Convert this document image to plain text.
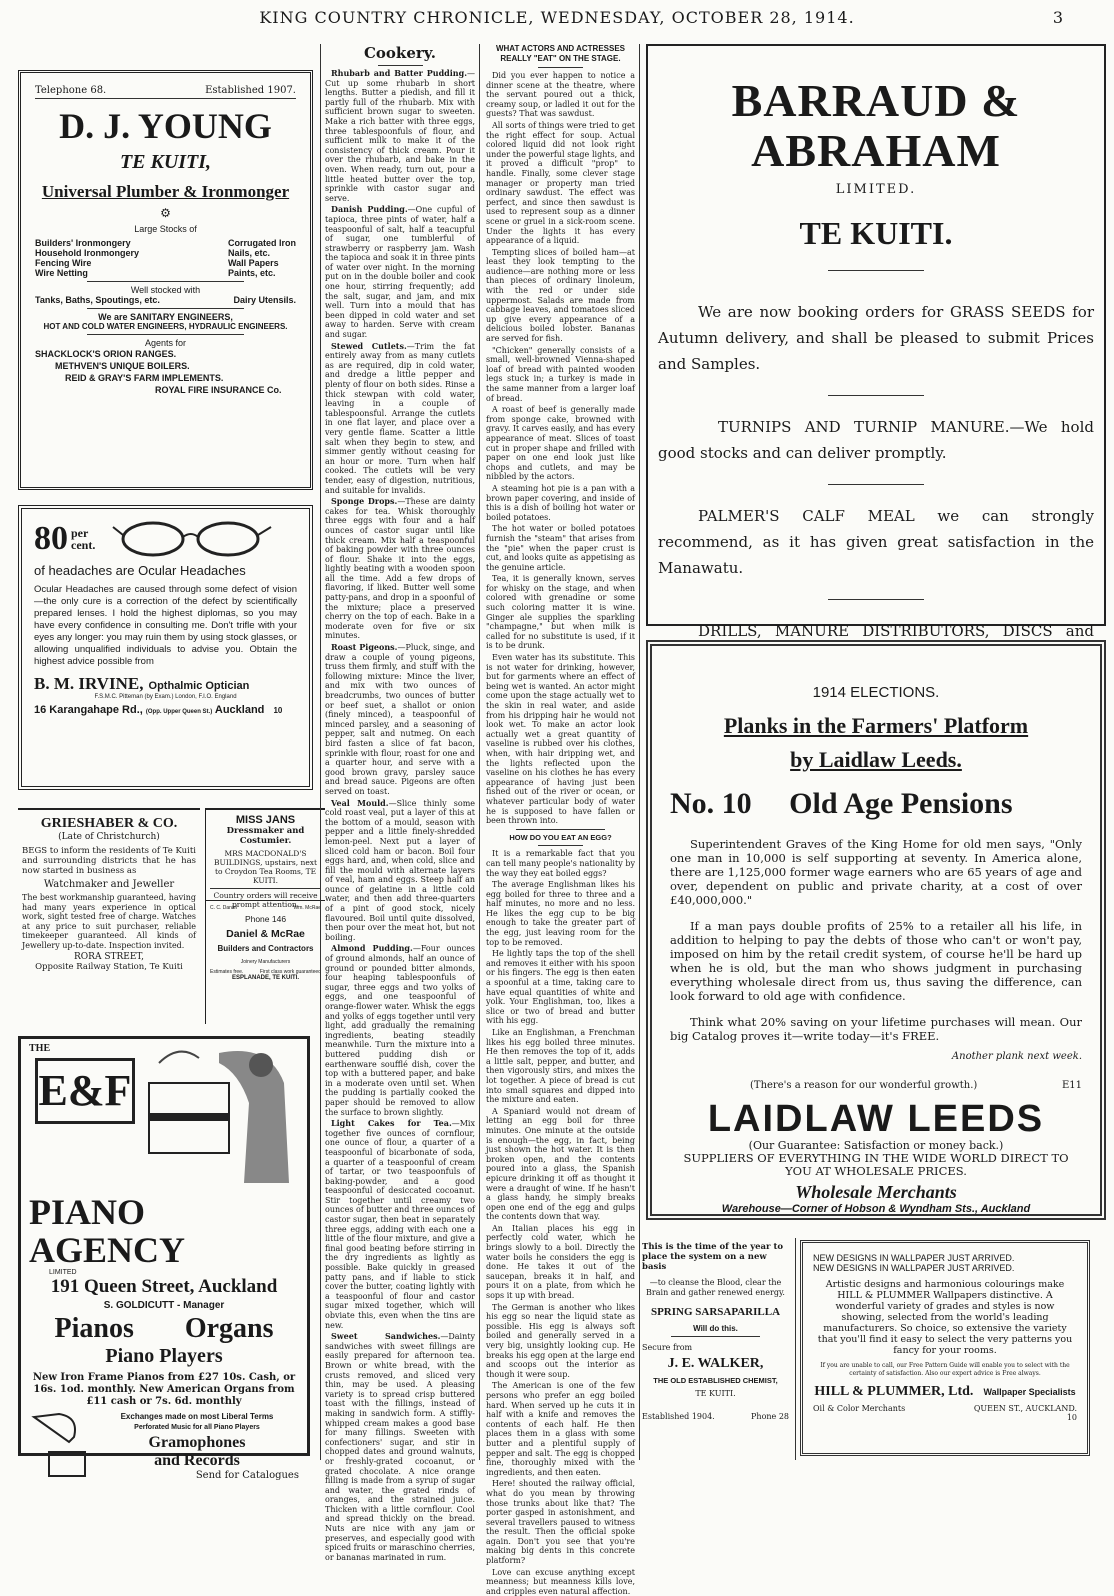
KING COUNTRY CHRONICLE, WEDNESDAY, OCTOBER 28, 1914.	3
Telephone 68.	Established 1907.
D. J. YOUNG
TE KUITI,
Universal Plumber & Ironmonger
⚙
Large Stocks of
Builders' Ironmongery
Household Ironmongery
Fencing Wire
Wire Netting
Corrugated Iron
Nails, etc.
Wall Papers
Paints, etc.
Well stocked with
Tanks, Baths, Spoutings, etc.	Dairy Utensils.
We are SANITARY ENGINEERS,
HOT AND COLD WATER ENGINEERS, HYDRAULIC ENGINEERS.
Agents for
SHACKLOCK'S ORION RANGES.
METHVEN'S UNIQUE BOILERS.
REID & GRAY'S FARM IMPLEMENTS.
ROYAL FIRE INSURANCE Co.
80 per
cent.
of headaches are Ocular Headaches
Ocular Headaches are caused through some defect of vision—the only cure is a correction of the defect by scientifically prepared lenses. I hold the highest diplomas, so you may have every confidence in consulting me. Don't trifle with your eyes any longer: you may ruin them by using stock glasses, or allowing unqualified individuals to advise you. Obtain the highest advice possible from
B. M. IRVINE, Opthalmic Optician
F.S.M.C. Pitteman (by Exam.) London, F.I.O. England
16 Karangahape Rd., (Opp. Upper Queen St.) Auckland 10
GRIESHABER & CO.
(Late of Christchurch)
BEGS to inform the residents of Te Kuiti and surrounding districts that he has now started in business as
Watchmaker and Jeweller
The best workmanship guaranteed, having had many years experience in optical work, sight tested free of charge. Watches at any price to suit purchaser, reliable timekeeper guaranteed. All kinds of Jewellery up-to-date. Inspection invited.
RORA STREET,
Opposite Railway Station, Te Kuiti
MISS JANS
Dressmaker and Costumier.
MRS MACDONALD'S BUILDINGS, upstairs, next to Croydon Tea Rooms, TE KUITI.
Country orders will receive prompt attention.
C. C. Daniel	Wm. McRae
Phone 146
Daniel & McRae
Builders and Contractors
Joinery Manufacturers
Estimates free.	First class work guaranteed
ESPLANADE, TE KUITI.
THE
E&F
PIANO
AGENCY
LIMITED
191 Queen Street, Auckland
S. GOLDICUTT - Manager
Pianos Organs
Piano Players
New Iron Frame Pianos from £27 10s. Cash, or 16s. 1od. monthly. New American Organs from £11 cash or 7s. 6d. monthly
Exchanges made on most Liberal Terms
Perforated Music for all Piano Players
Gramophones
and Records
Send for Catalogues
Cookery.

Rhubarb and Batter Pudding.—Cut up some rhubarb in short lengths. Butter a piedish, and fill it partly full of the rhubarb. Mix with sufficient brown sugar to sweeten. Make a rich batter with three eggs, three tablespoonfuls of flour, and sufficient milk to make it of the consistency of thick cream. Pour it over the rhubarb, and bake in the oven. When ready, turn out, pour a little heated butter over the top, sprinkle with castor sugar and serve.

Danish Pudding.—One cupful of tapioca, three pints of water, half a teaspoonful of salt, half a teacupful of sugar, one tumblerful of strawberry or raspberry jam. Wash the tapioca and soak it in three pints of water over night. In the morning put on in the double boiler and cook one hour, stirring frequently; add the salt, sugar, and jam, and mix well. Turn into a mould that has been dipped in cold water and set away to harden. Serve with cream and sugar.

Stewed Cutlets.—Trim the fat entirely away from as many cutlets as are required, dip in cold water, and dredge a little pepper and plenty of flour on both sides. Rinse a thick stewpan with cold water, leaving in a couple of tablespoonsful. Arrange the cutlets in one flat layer, and place over a very gentle flame. Scatter a little salt when they begin to stew, and simmer gently without ceasing for an hour or more. Turn when half cooked. The cutlets will be very tender, easy of digestion, nutritious, and suitable for invalids.

Sponge Drops.—These are dainty cakes for tea. Whisk thoroughly three eggs with four and a half ounces of castor sugar until like thick cream. Mix half a teaspoonful of baking powder with three ounces of flour. Shake it into the eggs, lightly beating with a wooden spoon all the time. Add a few drops of flavoring, if liked. Butter well some patty-pans, and drop in a spoonful of the mixture; place a preserved cherry on the top of each. Bake in a moderate oven for five or six minutes.

Roast Pigeons.—Pluck, singe, and draw a couple of young pigeons, truss them firmly, and stuff with the following mixture: Mince the liver, and mix with two ounces of breadcrumbs, two ounces of butter or beef suet, a shallot or onion (finely minced), a teaspoonful of minced parsley, and a seasoning of pepper, salt and nutmeg. On each bird fasten a slice of fat bacon, sprinkle with flour, roast for one and a quarter hour, and serve with a good brown gravy, parsley sauce and bread sauce. Pigeons are often served on toast.

Veal Mould.—Slice thinly some cold roast veal, put a layer of this at the bottom of a mould, season with pepper and a little finely-shredded lemon-peel. Next put a layer of sliced cold ham or bacon. Boil four eggs hard, and, when cold, slice and fill the mould with alternate layers of veal, ham and eggs. Steep half an ounce of gelatine in a little cold water, and then add three-quarters of a pint of good stock, nicely flavoured. Boil until quite dissolved, then pour over the meat hot, but not boiling.

Almond Pudding.—Four ounces of ground almonds, half an ounce of ground or pounded bitter almonds, four heaping tablespoonfuls of sugar, three eggs and two yolks of eggs, and one teaspoonful of orange-flower water. Whisk the eggs and yolks of eggs together until very light, add gradually the remaining ingredients, beating steadily meanwhile. Turn the mixture into a buttered pudding dish or earthenware soufflé dish, cover the top with a buttered paper, and bake in a moderate oven until set. When the pudding is partially cooked the paper should be removed to allow the surface to brown slightly.

Light Cakes for Tea.—Mix together five ounces of cornflour, one ounce of flour, a quarter of a teaspoonful of bicarbonate of soda, a quarter of a teaspoonful of cream of tartar, or two teaspoonfuls of baking-powder, and a good teaspoonful of desiccated cocoanut. Stir together until creamy two ounces of butter and three ounces of castor sugar, then beat in separately three eggs, adding with each one a little of the flour mixture, and give a final good beating before stirring in the dry ingredients as lightly as possible. Bake quickly in greased patty pans, and if liable to stick cover the butter, coating lightly with a teaspoonful of flour and castor sugar mixed together, which will obviate this, even when the tins are new.

Sweet Sandwiches.—Dainty sandwiches with sweet fillings are easily prepared for afternoon tea. Brown or white bread, with the crusts removed, and sliced very thin, may be used. A pleasing variety is to spread crisp buttered toast with the fillings, instead of making in sandwich form. A stiffly-whipped cream makes a good base for many fillings. Sweeten with confectioners' sugar, and stir in chopped dates and ground walnuts, or freshly-grated cocoanut, or grated chocolate. A nice orange filling is made from a syrup of sugar and water, the grated rinds of oranges, and the strained juice. Thicken with a little cornflour. Cool and spread thickly on the bread. Nuts are nice with any jam or preserves, and especially good with spiced fruits or maraschino cherries, or bananas marinated in rum.

WHAT ACTORS AND ACTRESSES REALLY "EAT" ON THE STAGE.

Did you ever happen to notice a dinner scene at the theatre, where the servant poured out a thick, creamy soup, or ladled it out for the guests? That was sawdust.

All sorts of things were tried to get the right effect for soup. Actual colored liquid did not look right under the powerful stage lights, and it proved a difficult "prop" to handle. Finally, some clever stage manager or property man tried ordinary sawdust. The effect was perfect, and since then sawdust is used to represent soup as a dinner scene or gruel in a sick-room scene. Under the lights it has every appearance of a liquid.

Tempting slices of boiled ham—at least they look tempting to the audience—are nothing more or less than pieces of ordinary linoleum, with the red or under side uppermost. Salads are made from cabbage leaves, and tomatoes sliced up give every appearance of a delicious boiled lobster. Bananas are served for fish.

"Chicken" generally consists of a small, well-browned Vienna-shaped loaf of bread with painted wooden legs stuck in; a turkey is made in the same manner from a larger loaf of bread.

A roast of beef is generally made from sponge cake, browned with gravy. It carves easily, and has every appearance of meat. Slices of toast cut in proper shape and frilled with paper on one end look just like chops and cutlets, and may be nibbled by the actors.

A steaming hot pie is a pan with a brown paper covering, and inside of this is a dish of boiling hot water or boiled potatoes.

The hot water or boiled potatoes furnish the "steam" that arises from the "pie" when the paper crust is cut, and looks quite as appetising as the genuine article.

Tea, it is generally known, serves for whisky on the stage, and when colored with grenadine or some such coloring matter it is wine. Ginger ale supplies the sparkling "champagne," but when milk is called for no substitute is used, if it is to be drunk.

Even water has its substitute. This is not water for drinking, however, but for garments where an effect of being wet is wanted. An actor might come upon the stage actually wet to the skin in real water, and aside from his dripping hair he would not look wet. To make an actor look actually wet a great quantity of vaseline is rubbed over his clothes, when, with hair dripping wet, and the lights reflected upon the vaseline on his clothes he has every appearance of having just been fished out of the river or ocean, or whatever particular body of water he is supposed to have fallen or been thrown into.

HOW DO YOU EAT AN EGG?

It is a remarkable fact that you can tell many people's nationality by the way they eat boiled eggs?

The average Englishman likes his egg boiled for three to three and a half minutes, no more and no less. He likes the egg cup to be big enough to take the greater part of the egg, just leaving room for the top to be removed.

He lightly taps the top of the shell and removes it either with his spoon or his fingers. The egg is then eaten a spoonful at a time, taking care to have equal quantities of white and yolk. Your Englishman, too, likes a slice or two of bread and butter with his egg.

Like an Englishman, a Frenchman likes his egg boiled three minutes. He then removes the top of it, adds a little salt, pepper, and butter, and then vigorously stirs, and mixes the lot together. A piece of bread is cut into small squares and dipped into the mixture and eaten.

A Spaniard would not dream of letting an egg boil for three minutes. One minute at the outside is enough—the egg, in fact, being just shown the hot water. It is then broken open, and the contents poured into a glass, the Spanish epicure drinking it off as thought it were a draught of wine. If he hasn't a glass handy, he simply breaks open one end of the egg and gulps the contents down that way.

An Italian places his egg in perfectly cold water, which he brings slowly to a boil. Directly the water boils he considers the egg is done. He takes it out of the saucepan, breaks it in half, and pours it on a plate, from which he sops it up with bread.

The German is another who likes his egg so near the liquid state as possible. His egg is always soft boiled and generally served in a very big, unsightly looking cup. He breaks his egg open at the large end and scoops out the interior as though it were soup.

The American is one of the few persons who prefer an egg boiled hard. When served up he cuts it in half with a knife and removes the contents of each half. He then places them in a glass with some butter and a plentiful supply of pepper and salt. The egg is chopped fine, thoroughly mixed with the ingredients, and then eaten.

Here! shouted the railway official, what do you mean by throwing those trunks about like that? The porter gasped in astonishment, and several travellers paused to witness the result. Then the official spoke again. Don't you see that you're making big dents in this concrete platform?

Love can excuse anything except meanness; but meanness kills love, and cripples even natural affection.

BARRAUD & ABRAHAM
LIMITED.
TE KUITI.
We are now booking orders for GRASS SEEDS for Autumn delivery, and shall be pleased to submit Prices and Samples.
TURNIPS AND TURNIP MANURE.—We hold good stocks and can deliver promptly.
PALMER'S CALF MEAL we can strongly recommend, as it has given great satisfaction in the Manawatu.
DRILLS, MANURE DISTRIBUTORS, DISCS and
1914 ELECTIONS.
Planks in the Farmers' Platform
by Laidlaw Leeds.
No. 10 Old Age Pensions
Superintendent Graves of the King Home for old men says, "Only one man in 10,000 is self supporting at seventy. In America alone, there are 1,125,000 former wage earners who are 65 years of age and over, dependent on public and private charity, at a cost of over £40,000,000."
If a man pays double profits of 25% to a retailer all his life, in addition to helping to pay the debts of those who can't or won't pay, imposed on him by the retail credit system, of course he'll be hard up when he is old, but the man who shows judgment in purchasing everything wholesale direct from us, thus saving the difference, can look forward to old age with confidence.
Think what 20% saving on your lifetime purchases will mean. Our big Catalog proves it—write today—it's FREE.
Another plank next week.
(There's a reason for our wonderful growth.)	E11
LAIDLAW LEEDS
(Our Guarantee: Satisfaction or money back.)
SUPPLIERS OF EVERYTHING IN THE WIDE WORLD DIRECT TO YOU AT WHOLESALE PRICES.
Wholesale Merchants
Warehouse—Corner of Hobson & Wyndham Sts., Auckland
This is the time of the year to place the system on a new basis
—to cleanse the Blood, clear the Brain and gather renewed energy.
SPRING SARSAPARILLA
Will do this.
Secure from
J. E. WALKER,
THE OLD ESTABLISHED CHEMIST,
TE KUITI.
Established 1904.	Phone 28
NEW DESIGNS IN WALLPAPER JUST ARRIVED.
NEW DESIGNS IN WALLPAPER JUST ARRIVED.
Artistic designs and harmonious colourings make HILL & PLUMMER Wallpapers distinctive. A wonderful variety of grades and styles is now showing, selected from the world's leading manufacturers. So choice, so extensive the variety that you'll find it easy to select the very patterns you fancy for your rooms.
If you are unable to call, our Free Pattern Guide will enable you to select with the certainty of satisfaction. Also our expert advice is Free always.
HILL & PLUMMER, Ltd. Wallpaper Specialists
Oil & Color Merchants	QUEEN ST., AUCKLAND.
10
